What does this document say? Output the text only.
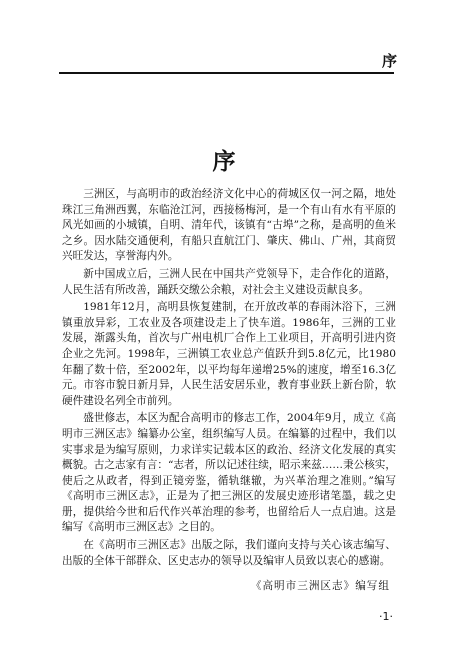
序
序

三洲区，与高明市的政治经济文化中心的荷城区仅一河之隔，地处珠江三角洲西翼，东临沧江河，西接杨梅河，是一个有山有水有平原的风光如画的小城镇，自明、清年代，该镇有“古埠”之称，是高明的鱼米之乡。因水陆交通便利，有船只直航江门、肇庆、佛山、广州，其商贸兴旺发达，享誉海内外。

新中国成立后，三洲人民在中国共产党领导下，走合作化的道路，人民生活有所改善，踊跃交缴公余粮，对社会主义建设贡献良多。

1981年12月，高明县恢复建制，在开放改革的春雨沐浴下，三洲镇重放异彩，工农业及各项建设走上了快车道。1986年，三洲的工业发展，渐露头角，首次与广州电机厂合作上工业项目，开高明引进内资企业之先河。1998年，三洲镇工农业总产值跃升到5.8亿元，比1980年翻了数十倍，至2002年，以平均每年递增25%的速度，增至16.3亿元。市容市貌日新月异，人民生活安居乐业，教育事业跃上新台阶，软硬件建设名列全市前列。

盛世修志，本区为配合高明市的修志工作，2004年9月，成立《高明市三洲区志》编纂办公室，组织编写人员。在编纂的过程中，我们以实事求是为编写原则，力求详实记载本区的政治、经济文化发展的真实概貌。古之志家有言：“志者，所以记述往续，昭示来兹……秉公核实，使后之从政者，得到正镜旁鉴，循轨继辙，为兴革治理之准则。”编写《高明市三洲区志》，正是为了把三洲区的发展史迹形诸笔墨，载之史册，提供给今世和后代作兴革治理的参考，也留给后人一点启迪。这是编写《高明市三洲区志》之目的。

在《高明市三洲区志》出版之际，我们谨向支持与关心该志编写、出版的全体干部群众、区史志办的领导以及编审人员致以衷心的感谢。

《高明市三洲区志》编写组
·1·
